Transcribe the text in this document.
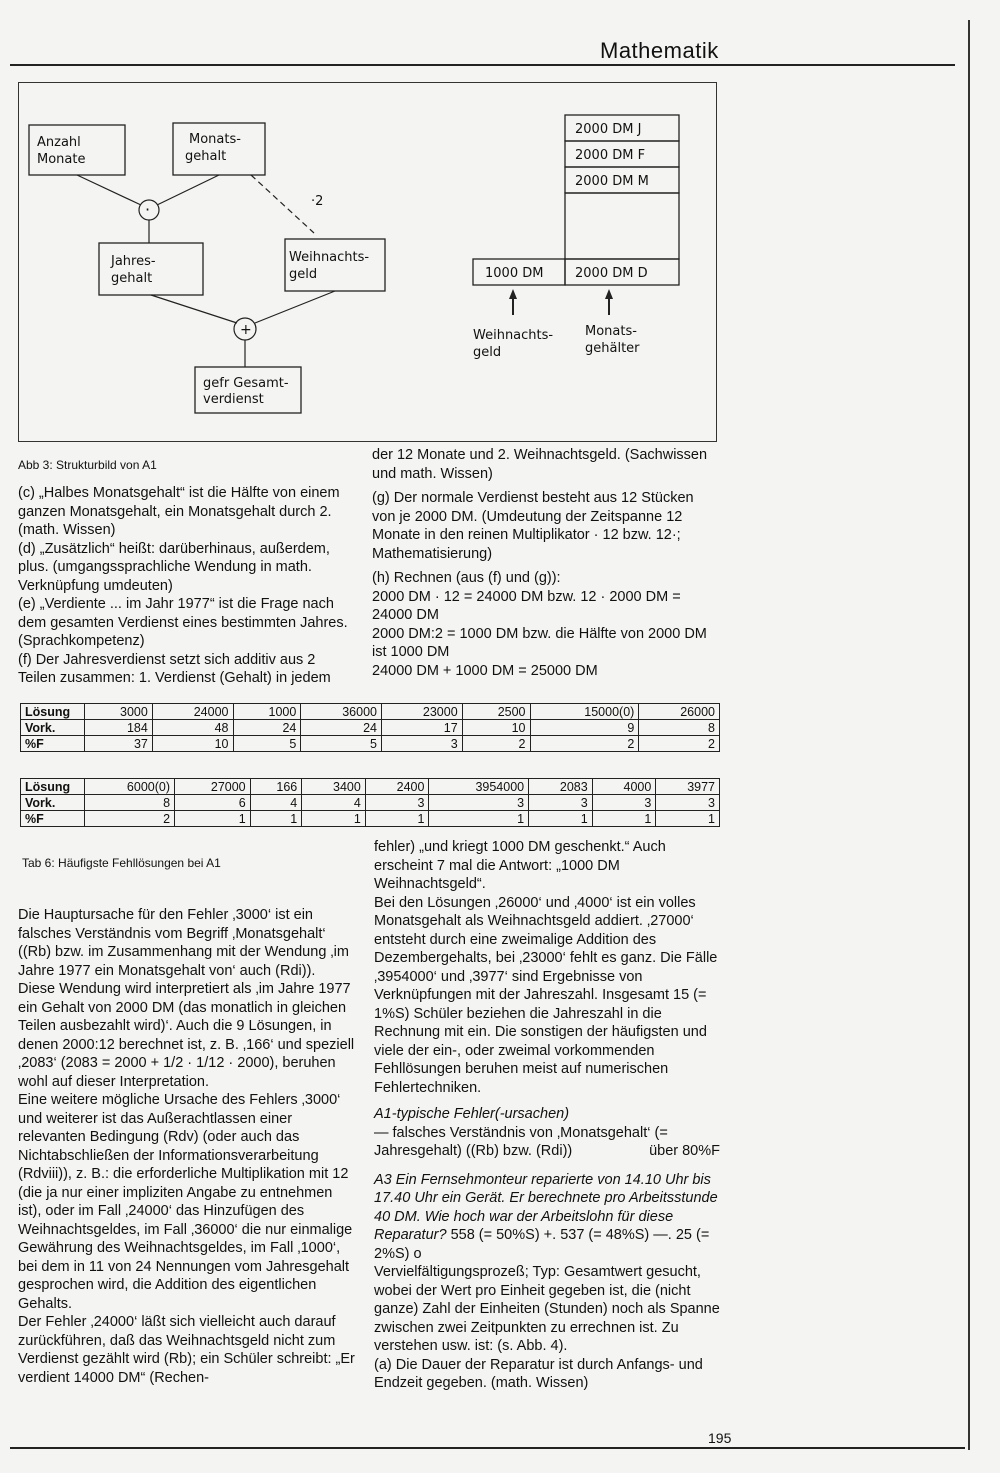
Mathematik
Anzahl
Monate
Monats-
gehalt
·	·2
Jahres-
gehalt
Weihnachts-
geld
+
gefr Gesamt-
verdienst
2000 DM J
2000 DM F
2000 DM M
1000 DM 2000 DM D
Weihnachts-
geld
Monats-
gehälter
Abb 3: Strukturbild von A1

(c) „Halbes Monatsgehalt“ ist die Hälfte von einem ganzen Monatsgehalt, ein Monatsgehalt durch 2. (math. Wissen)

(d) „Zusätzlich“ heißt: darüberhinaus, außerdem, plus. (umgangssprachliche Wendung in math. Verknüpfung umdeuten)

(e) „Verdiente ... im Jahr 1977“ ist die Frage nach dem gesamten Verdienst eines bestimmten Jahres. (Sprachkompetenz)

(f) Der Jahresverdienst setzt sich additiv aus 2 Teilen zusammen: 1. Verdienst (Gehalt) in jedem

der 12 Monate und 2. Weihnachtsgeld. (Sachwissen und math. Wissen)

(g) Der normale Verdienst besteht aus 12 Stücken von je 2000 DM. (Umdeutung der Zeitspanne 12 Monate in den reinen Multiplikator · 12 bzw. 12·; Mathematisierung)

(h) Rechnen (aus (f) und (g)):

2000 DM · 12 = 24000 DM bzw. 12 · 2000 DM = 24000 DM

2000 DM:2 = 1000 DM bzw. die Hälfte von 2000 DM ist 1000 DM

24000 DM + 1000 DM = 25000 DM

Lösung	3000	24000	1000	36000	23000	2500	15000(0)	26000
Vork.	184	48	24	24	17	10	9	8
%F	37	10	5	5	3	2	2	2
Lösung	6000(0)	27000	166	3400	2400	3954000	2083	4000	3977
Vork.	8	6	4	4	3	3	3	3	3
%F	2	1	1	1	1	1	1	1	1
Tab 6: Häufigste Fehllösungen bei A1

Die Hauptursache für den Fehler ‚3000‘ ist ein falsches Verständnis vom Begriff ‚Monatsgehalt‘ ((Rb) bzw. im Zusammenhang mit der Wendung ‚im Jahre 1977 ein Monatsgehalt von‘ auch (Rdi)). Diese Wendung wird interpretiert als ‚im Jahre 1977 ein Gehalt von 2000 DM (das monatlich in gleichen Teilen ausbezahlt wird)‘. Auch die 9 Lösungen, in denen 2000:12 berechnet ist, z. B. ‚166‘ und speziell ‚2083‘ (2083 = 2000 + 1/2 · 1/12 · 2000), beruhen wohl auf dieser Interpretation.

Eine weitere mögliche Ursache des Fehlers ‚3000‘ und weiterer ist das Außerachtlassen einer relevanten Bedingung (Rdv) (oder auch das Nichtabschließen der Informationsverarbeitung (Rdviii)), z. B.: die erforderliche Multiplikation mit 12 (die ja nur einer impliziten Angabe zu entnehmen ist), oder im Fall ‚24000‘ das Hinzufügen des Weihnachtsgeldes, im Fall ‚36000‘ die nur einmalige Gewährung des Weihnachtsgeldes, im Fall ‚1000‘, bei dem in 11 von 24 Nennungen vom Jahresgehalt gesprochen wird, die Addition des eigentlichen Gehalts.

Der Fehler ‚24000‘ läßt sich vielleicht auch darauf zurückführen, daß das Weihnachtsgeld nicht zum Verdienst gezählt wird (Rb); ein Schüler schreibt: „Er verdient 14000 DM“ (Rechen-

fehler) „und kriegt 1000 DM geschenkt.“ Auch erscheint 7 mal die Antwort: „1000 DM Weihnachtsgeld“.

Bei den Lösungen ‚26000‘ und ‚4000‘ ist ein volles Monatsgehalt als Weihnachtsgeld addiert. ‚27000‘ entsteht durch eine zweimalige Addition des Dezembergehalts, bei ‚23000‘ fehlt es ganz. Die Fälle ‚3954000‘ und ‚3977‘ sind Ergebnisse von Verknüpfungen mit der Jahreszahl. Insgesamt 15 (= 1%S) Schüler beziehen die Jahreszahl in die Rechnung mit ein. Die sonstigen der häufigsten und viele der ein-, oder zweimal vorkommenden Fehllösungen beruhen meist auf numerischen Fehlertechniken.

A1-typische Fehler(-ursachen)

— falsches Verständnis von ‚Monatsgehalt‘ (= Jahresgehalt) ((Rb) bzw. (Rdi))	über 80%F

A3 Ein Fernsehmonteur reparierte von 14.10 Uhr bis 17.40 Uhr ein Gerät. Er berechnete pro Arbeitsstunde 40 DM. Wie hoch war der Arbeitslohn für diese Reparatur? 558 (= 50%S) +. 537 (= 48%S) —. 25 (= 2%S) o

Vervielfältigungsprozeß; Typ: Gesamtwert gesucht, wobei der Wert pro Einheit gegeben ist, die (nicht ganze) Zahl der Einheiten (Stunden) noch als Spanne zwischen zwei Zeitpunkten zu errechnen ist. Zu verstehen usw. ist: (s. Abb. 4).

(a) Die Dauer der Reparatur ist durch Anfangs- und Endzeit gegeben. (math. Wissen)

195
